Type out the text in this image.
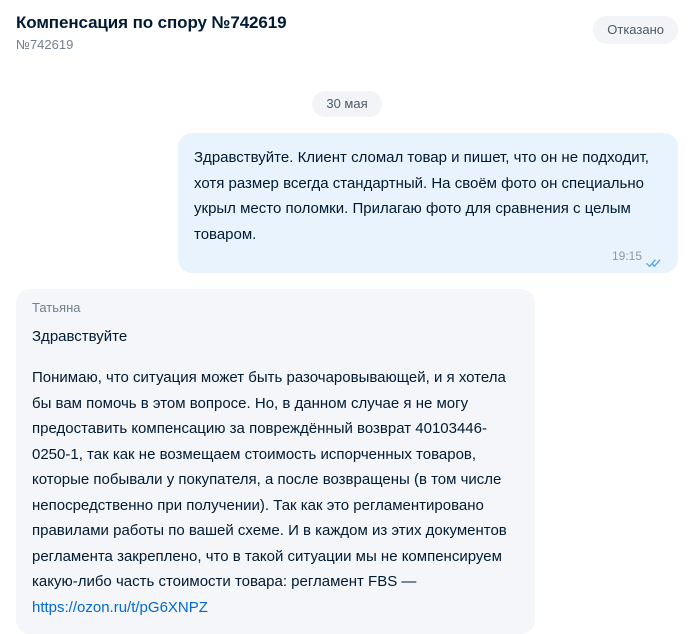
Компенсация по спору №742619
№742619
Отказано
30 мая
Здравствуйте. Клиент сломал товар и пишет, что он не подходит, хотя размер всегда стандартный. На своём фото он специально укрыл место поломки. Прилагаю фото для сравнения с целым товаром.
19:15
Татьяна
Здравствуйте
Понимаю, что ситуация может быть разочаровывающей, и я хотела бы вам помочь в этом вопросе. Но, в данном случае я не могу предоставить компенсацию за повреждённый возврат 40103446-0250-1, так как не возмещаем стоимость испорченных товаров, которые побывали у покупателя, а после возвращены (в том числе непосредственно при получении). Так как это регламентировано правилами работы по вашей схеме. И в каждом из этих документов регламента закреплено, что в такой ситуации мы не компенсируем какую-либо часть стоимости товара: регламент FBS —
https://ozon.ru/t/pG6XNPZ
